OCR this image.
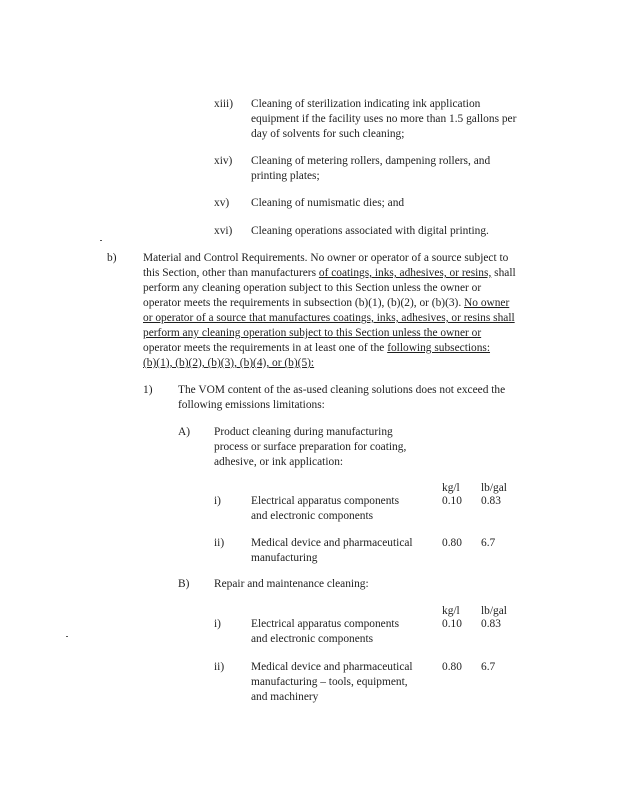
xiii) Cleaning of sterilization indicating ink application
equipment if the facility uses no more than 1.5 gallons per
day of solvents for such cleaning;
xiv) Cleaning of metering rollers, dampening rollers, and
printing plates;
xv) Cleaning of numismatic dies; and
xvi) Cleaning operations associated with digital printing.
b) Material and Control Requirements. No owner or operator of a source subject to
this Section, other than manufacturers of coatings, inks, adhesives, or resins, shall
perform any cleaning operation subject to this Section unless the owner or
operator meets the requirements in subsection (b)(1), (b)(2), or (b)(3). No owner
or operator of a source that manufactures coatings, inks, adhesives, or resins shall
perform any cleaning operation subject to this Section unless the owner or
operator meets the requirements in at least one of the following subsections:
(b)(1), (b)(2), (b)(3), (b)(4), or (b)(5):
1) The VOM content of the as-used cleaning solutions does not exceed the
following emissions limitations:
A) Product cleaning during manufacturing
process or surface preparation for coating,
adhesive, or ink application:
kg/l lb/gal
i)	Electrical apparatus components
and electronic components
0.10 0.83
ii) Medical device and pharmaceutical
manufacturing
0.80 6.7
B) Repair and maintenance cleaning:
kg/l lb/gal
i)	Electrical apparatus components
and electronic components
0.10 0.83
ii) Medical device and pharmaceutical
manufacturing – tools, equipment,
and machinery
0.80 6.7
